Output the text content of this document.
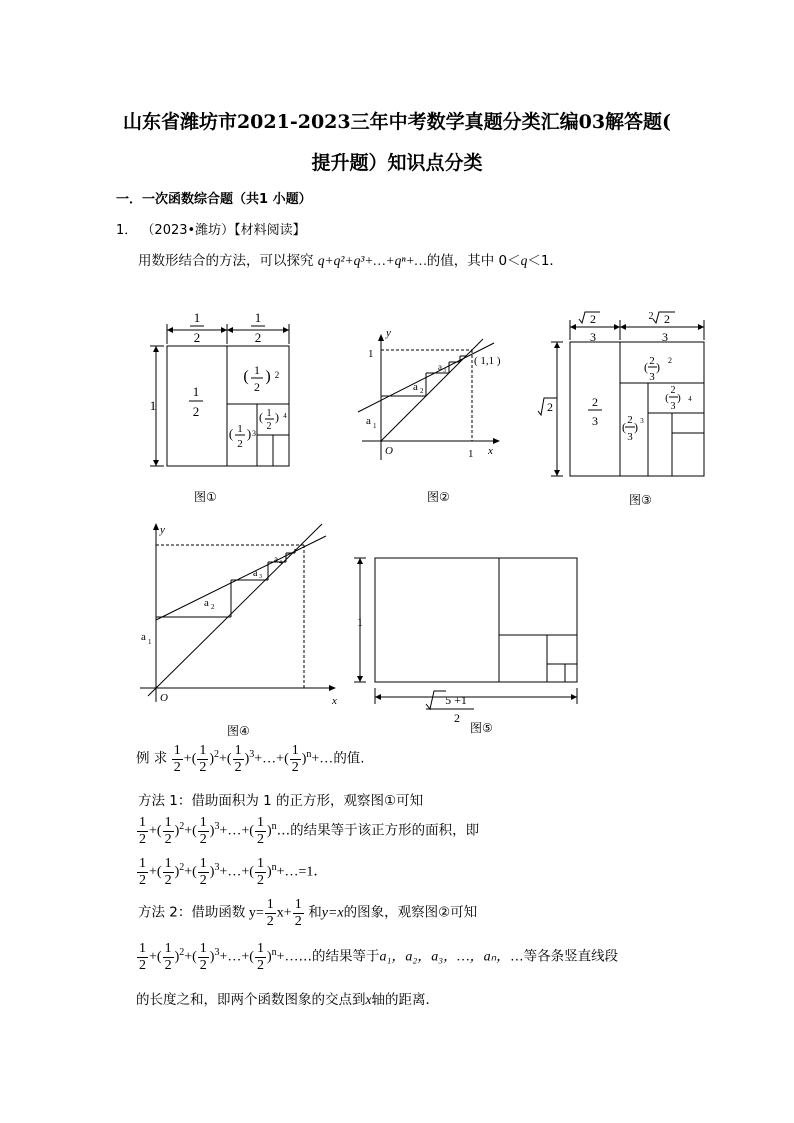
山东省潍坊市2021-2023三年中考数学真题分类汇编03解答题(
提升题）知识点分类
一．一次函数综合题（共1 小题）
1． （2023•潍坊）【材料阅读】
用数形结合的方法，可以探究 q+q²+q³+…+qⁿ+…的值，其中 0＜q＜1．
1
2
1
2
1
1
2
( 1
2
) 2
( 1
2
) 3
( 1
2
) 4
图①
y
x
O
1
1
( 1,1 )
a 1
a 2
a 3
图②
2
3
2 2
3
2	2
3
2
( )
3
2
2
( )
3
3
2
( )
3
4
图③
y
x
O
a 1
a 2
a 3
a 4
图④
1
5 +1
2
图⑤
例 求 $\frac{1}{2}$ +( $\frac{1}{2} )^2+( \frac{1}{2}$ )$^3+\dots+( \frac{1}{2}$ )$^n$+…的值.
方法 1：借助面积为 1 的正方形，观察图①可知
$\frac{1}{2}$ +( $\frac{1}{2} )^2+( \frac{1}{2}$ )$^3+\dots+( \frac{1}{2}$ )$^n$…的结果等于该正方形的面积，即
$\frac{1}{2}$ +( $\frac{1}{2} )^2+( \frac{1}{2}$ )$^3+\dots+( \frac{1}{2}$ )$^n$+…=1．
方法 2：借助函数 $y= \frac{1}{2} x+ \frac{1}{2}$ 和y=x的图象，观察图②可知
$\frac{1}{2}$ +( $\frac{1}{2} )^2+( \frac{1}{2}$ )$^3+\dots+( \frac{1}{2}$ )$^n$+……的结果等于a₁，a₂，a₃，…，aₙ，…等各条竖直线段
的长度之和，即两个函数图象的交点到x轴的距离．
